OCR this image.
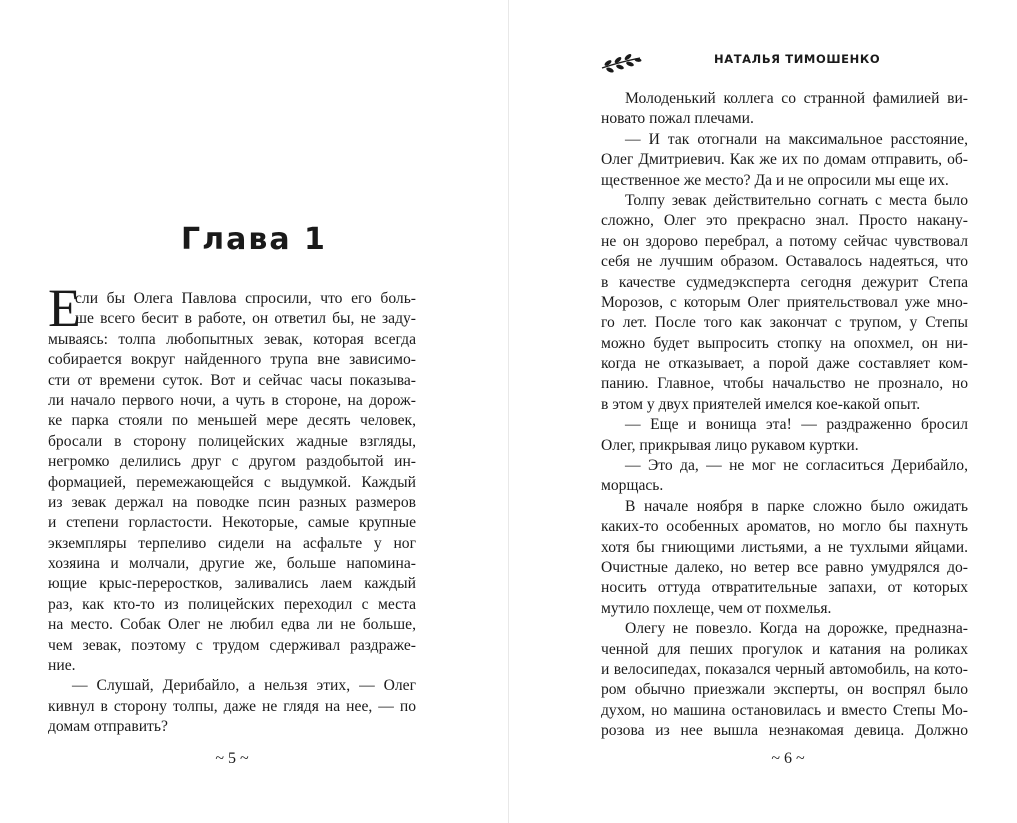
Глава 1
Е
сли бы Олега Павлова спросили, что его боль-
ше всего бесит в работе, он ответил бы, не заду-
мываясь: толпа любопытных зевак, которая всегда
собирается вокруг найденного трупа вне зависимо-
сти от времени суток. Вот и сейчас часы показыва-
ли начало первого ночи, а чуть в стороне, на дорож-
ке парка стояли по меньшей мере десять человек,
бросали в сторону полицейских жадные взгляды,
негромко делились друг с другом раздобытой ин-
формацией, перемежающейся с выдумкой. Каждый
из зевак держал на поводке псин разных размеров
и степени горластости. Некоторые, самые крупные
экземпляры терпеливо сидели на асфальте у ног
хозяина и молчали, другие же, больше напомина-
ющие крыс-переростков, заливались лаем каждый
раз, как кто-то из полицейских переходил с места
на место. Собак Олег не любил едва ли не больше,
чем зевак, поэтому с трудом сдерживал раздраже-
ние.
— Слушай, Дерибайло, а нельзя этих, — Олег
кивнул в сторону толпы, даже не глядя на нее, — по
домам отправить?
~ 5 ~
НАТАЛЬЯ ТИМОШЕНКО
Молоденький коллега со странной фамилией ви-
новато пожал плечами.
— И так отогнали на максимальное расстояние,
Олег Дмитриевич. Как же их по домам отправить, об-
щественное же место? Да и не опросили мы еще их.
Толпу зевак действительно согнать с места было
сложно, Олег это прекрасно знал. Просто накану-
не он здорово перебрал, а потому сейчас чувствовал
себя не лучшим образом. Оставалось надеяться, что
в качестве судмедэксперта сегодня дежурит Степа
Морозов, с которым Олег приятельствовал уже мно-
го лет. После того как закончат с трупом, у Степы
можно будет выпросить стопку на опохмел, он ни-
когда не отказывает, а порой даже составляет ком-
панию. Главное, чтобы начальство не прознало, но
в этом у двух приятелей имелся кое-какой опыт.
— Еще и вонища эта! — раздраженно бросил
Олег, прикрывая лицо рукавом куртки.
— Это да, — не мог не согласиться Дерибайло,
морщась.
В начале ноября в парке сложно было ожидать
каких-то особенных ароматов, но могло бы пахнуть
хотя бы гниющими листьями, а не тухлыми яйцами.
Очистные далеко, но ветер все равно умудрялся до-
носить оттуда отвратительные запахи, от которых
мутило похлеще, чем от похмелья.
Олегу не повезло. Когда на дорожке, предназна-
ченной для пеших прогулок и катания на роликах
и велосипедах, показался черный автомобиль, на кото-
ром обычно приезжали эксперты, он воспрял было
духом, но машина остановилась и вместо Степы Мо-
розова из нее вышла незнакомая девица. Должно
~ 6 ~
